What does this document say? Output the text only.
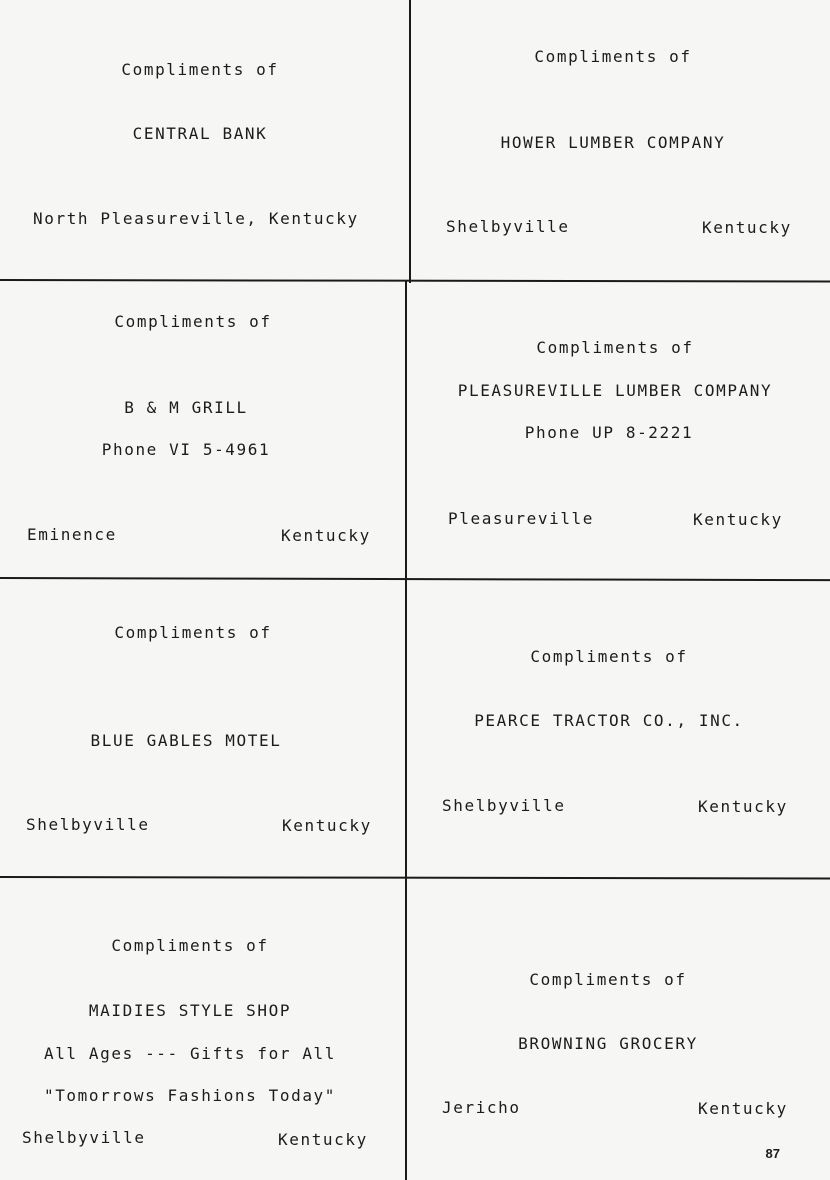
Compliments of
CENTRAL BANK
North Pleasureville, Kentucky
Compliments of
HOWER LUMBER COMPANY
Shelbyville	Kentucky
Compliments of
B & M GRILL
Phone VI 5-4961
Eminence	Kentucky
Compliments of
PLEASUREVILLE LUMBER COMPANY
Phone UP 8-2221
Pleasureville	Kentucky
Compliments of
BLUE GABLES MOTEL
Shelbyville	Kentucky
Compliments of
PEARCE TRACTOR CO., INC.
Shelbyville	Kentucky
Compliments of
MAIDIES STYLE SHOP
All Ages --- Gifts for All
"Tomorrows Fashions Today"
Shelbyville	Kentucky
Compliments of
BROWNING GROCERY
Jericho	Kentucky
87
